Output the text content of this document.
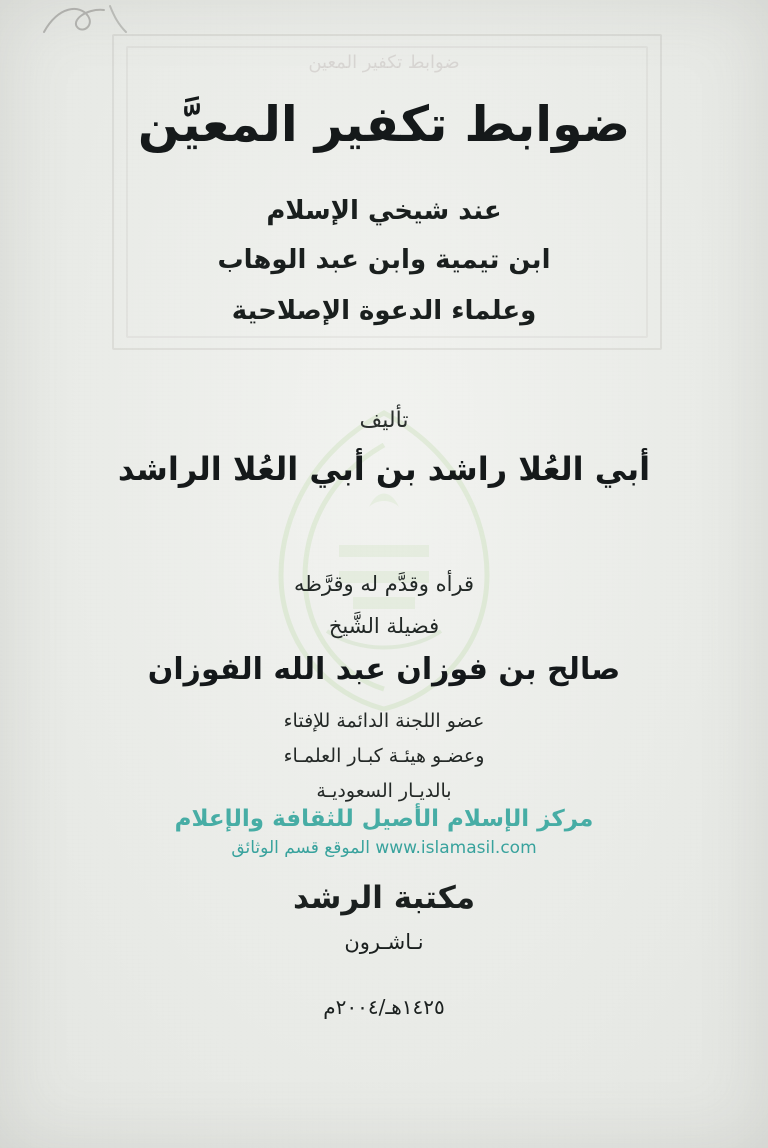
ضوابط تكفير المعين
ضوابط تكفير المعيَّن
عند شيخي الإسلام
ابن تيمية وابن عبد الوهاب
وعلماء الدعوة الإصلاحية
تأليف
أبي العُلا راشد بن أبي العُلا الراشد
قرأه وقدَّم له وقرَّظه
فضيلة الشَّيخ
صالح بن فوزان عبد الله الفوزان
عضو اللجنة الدائمة للإفتاء
وعضـو هيئـة كبـار العلمـاء
بالديـار السعوديـة
مركز الإسلام الأصيل للثقافة والإعلام
الموقع قسم الوثائق www.islamasil.com
مكتبة الرشد
نـاشـرون
١٤٢٥هـ/٢٠٠٤م
